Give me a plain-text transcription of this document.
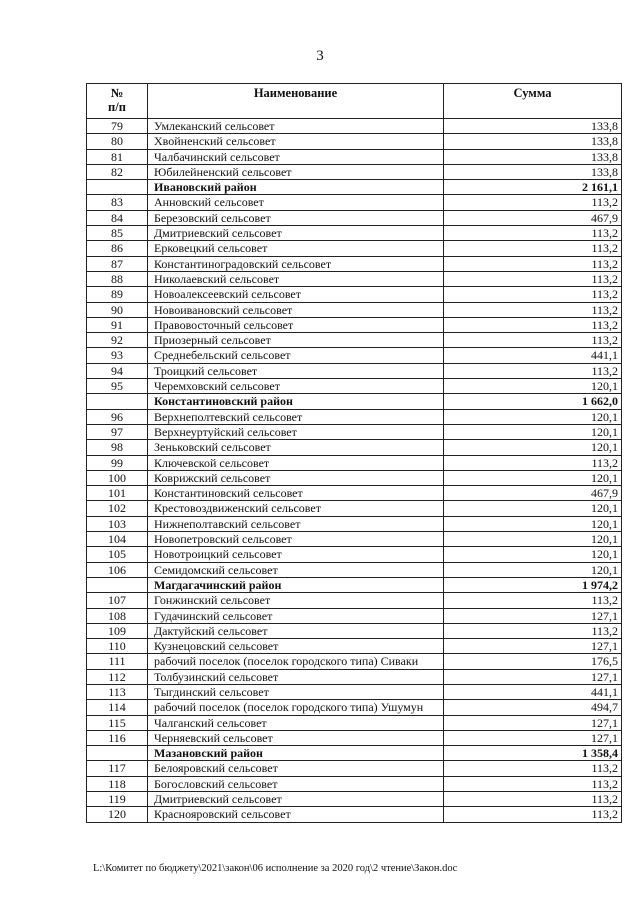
3
№
п/п	Наименование	Сумма
79	Умлеканский сельсовет	133,8
80	Хвойненский сельсовет	133,8
81	Чалбачинский сельсовет	133,8
82	Юбилейненский сельсовет	133,8
	Ивановский район	2 161,1
83	Анновский сельсовет	113,2
84	Березовский сельсовет	467,9
85	Дмитриевский сельсовет	113,2
86	Ерковецкий сельсовет	113,2
87	Константиноградовский сельсовет	113,2
88	Николаевский сельсовет	113,2
89	Новоалексеевский сельсовет	113,2
90	Новоивановский сельсовет	113,2
91	Правовосточный сельсовет	113,2
92	Приозерный сельсовет	113,2
93	Среднебельский сельсовет	441,1
94	Троицкий сельсовет	113,2
95	Черемховский сельсовет	120,1
	Константиновский район	1 662,0
96	Верхнеполтевский сельсовет	120,1
97	Верхнеуртуйский сельсовет	120,1
98	Зеньковский сельсовет	120,1
99	Ключевской сельсовет	113,2
100	Коврижский сельсовет	120,1
101	Константиновский сельсовет	467,9
102	Крестовоздвиженский сельсовет	120,1
103	Нижнеполтавский сельсовет	120,1
104	Новопетровский сельсовет	120,1
105	Новотроицкий сельсовет	120,1
106	Семидомский сельсовет	120,1
	Магдагачинский район	1 974,2
107	Гонжинский сельсовет	113,2
108	Гудачинский сельсовет	127,1
109	Дактуйский сельсовет	113,2
110	Кузнецовский сельсовет	127,1
111	рабочий поселок (поселок городского типа) Сиваки	176,5
112	Толбузинский сельсовет	127,1
113	Тыгдинский сельсовет	441,1
114	рабочий поселок (поселок городского типа) Ушумун	494,7
115	Чалганский сельсовет	127,1
116	Черняевский сельсовет	127,1
	Мазановский район	1 358,4
117	Белояровский сельсовет	113,2
118	Богословский сельсовет	113,2
119	Дмитриевский сельсовет	113,2
120	Краснояровский сельсовет	113,2
L:\Комитет по бюджету\2021\закон\06 исполнение за 2020 год\2 чтение\Закон.doc
